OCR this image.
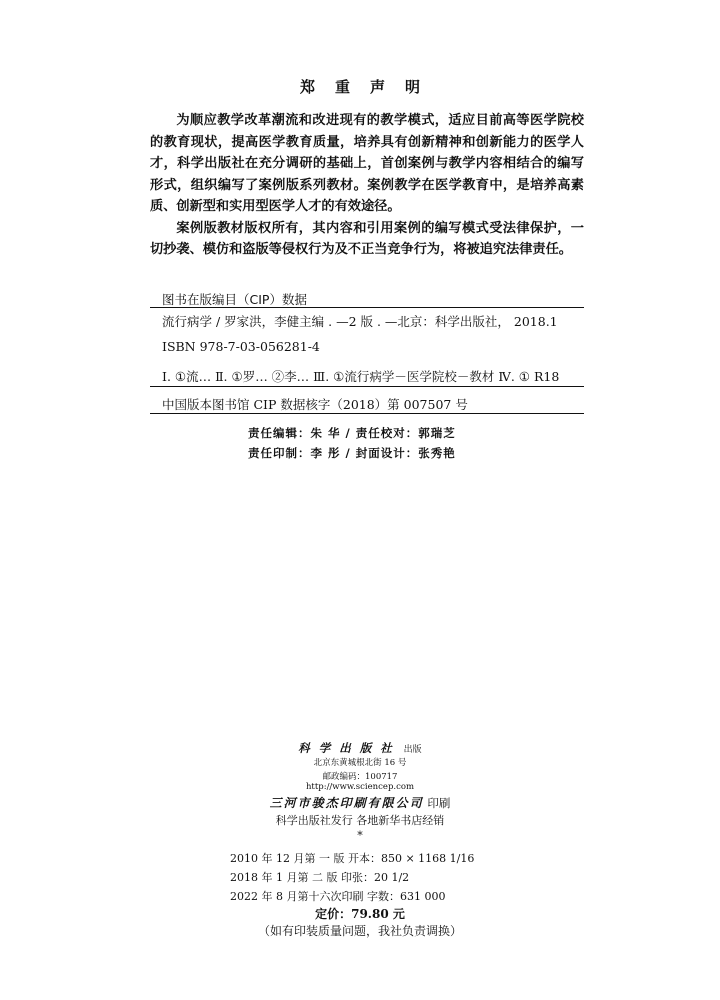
郑重声明

为顺应教学改革潮流和改进现有的教学模式，适应目前高等医学院校的教育现状，提高医学教育质量，培养具有创新精神和创新能力的医学人才，科学出版社在充分调研的基础上，首创案例与教学内容相结合的编写形式，组织编写了案例版系列教材。案例教学在医学教育中，是培养高素质、创新型和实用型医学人才的有效途径。

案例版教材版权所有，其内容和引用案例的编写模式受法律保护，一切抄袭、模仿和盗版等侵权行为及不正当竞争行为，将被追究法律责任。

图书在版编目（CIP）数据
流行病学 / 罗家洪，李健主编 . —2 版 . —北京：科学出版社， 2018.1
ISBN 978-7-03-056281-4
Ⅰ. ①流… Ⅱ. ①罗… ②李… Ⅲ. ①流行病学－医学院校－教材 Ⅳ. ① R18
中国版本图书馆 CIP 数据核字（2018）第 007507 号
责任编辑：朱 华 / 责任校对：郭瑞芝
责任印制：李 彤 / 封面设计：张秀艳
科学出版社 出版
北京东黄城根北街 16 号
邮政编码：100717
http://www.sciencep.com
三河市骏杰印刷有限公司 印刷
科学出版社发行 各地新华书店经销
*
2010 年 12 月第 一 版 开本：850 × 1168 1/16
2018 年 1 月第 二 版 印张：20 1/2
2022 年 8 月第十六次印刷 字数：631 000
定价：79.80 元
（如有印装质量问题，我社负责调换）
